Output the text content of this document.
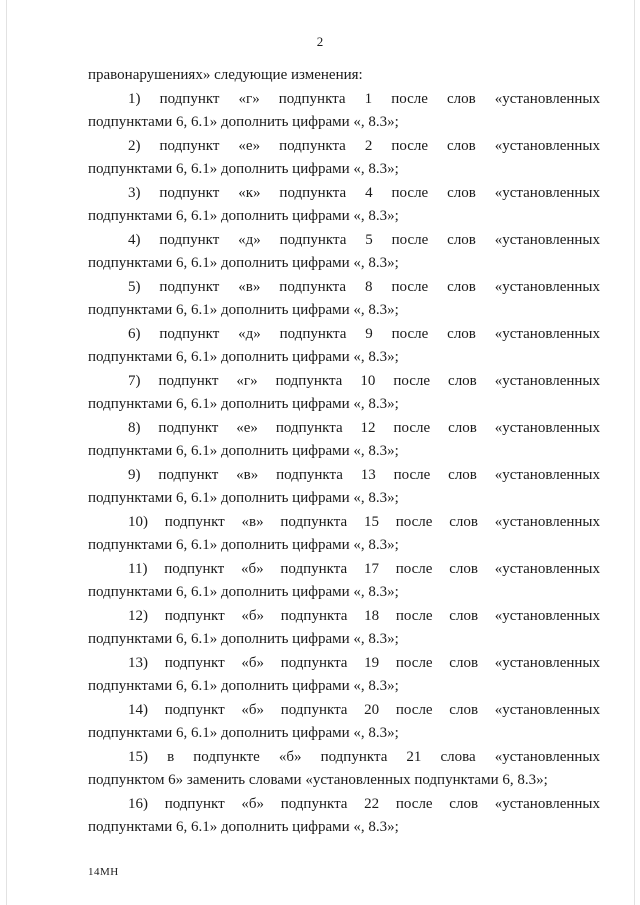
2
правонарушениях» следующие изменения:
1) подпункт «г» подпункта 1 после слов «установленных
подпунктами 6, 6.1» дополнить цифрами «, 8.3»;
2) подпункт «е» подпункта 2 после слов «установленных
подпунктами 6, 6.1» дополнить цифрами «, 8.3»;
3) подпункт «к» подпункта 4 после слов «установленных
подпунктами 6, 6.1» дополнить цифрами «, 8.3»;
4) подпункт «д» подпункта 5 после слов «установленных
подпунктами 6, 6.1» дополнить цифрами «, 8.3»;
5) подпункт «в» подпункта 8 после слов «установленных
подпунктами 6, 6.1» дополнить цифрами «, 8.3»;
6) подпункт «д» подпункта 9 после слов «установленных
подпунктами 6, 6.1» дополнить цифрами «, 8.3»;
7) подпункт «г» подпункта 10 после слов «установленных
подпунктами 6, 6.1» дополнить цифрами «, 8.3»;
8) подпункт «е» подпункта 12 после слов «установленных
подпунктами 6, 6.1» дополнить цифрами «, 8.3»;
9) подпункт «в» подпункта 13 после слов «установленных
подпунктами 6, 6.1» дополнить цифрами «, 8.3»;
10) подпункт «в» подпункта 15 после слов «установленных
подпунктами 6, 6.1» дополнить цифрами «, 8.3»;
11) подпункт «б» подпункта 17 после слов «установленных
подпунктами 6, 6.1» дополнить цифрами «, 8.3»;
12) подпункт «б» подпункта 18 после слов «установленных
подпунктами 6, 6.1» дополнить цифрами «, 8.3»;
13) подпункт «б» подпункта 19 после слов «установленных
подпунктами 6, 6.1» дополнить цифрами «, 8.3»;
14) подпункт «б» подпункта 20 после слов «установленных
подпунктами 6, 6.1» дополнить цифрами «, 8.3»;
15) в подпункте «б» подпункта 21 слова «установленных
подпунктом 6» заменить словами «установленных подпунктами 6, 8.3»;
16) подпункт «б» подпункта 22 после слов «установленных
подпунктами 6, 6.1» дополнить цифрами «, 8.3»;
14МН
